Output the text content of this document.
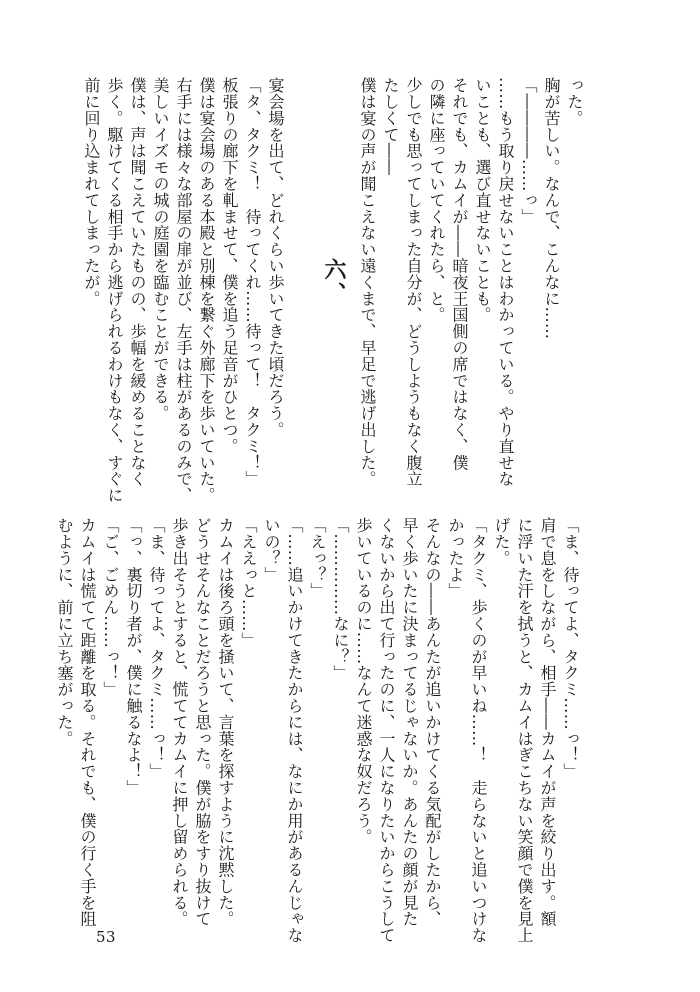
った。

胸が苦しい。なんで、こんなに……

「――――……っ」

……もう取り戻せないことはわかっている。やり直せな

いことも、選び直せないことも。

それでも、カムイが――暗夜王国側の席ではなく、僕

の隣に座っていてくれたら、と。

少しでも思ってしまった自分が、どうしようもなく腹立

たしくて――

僕は宴の声が聞こえない遠くまで、早足で逃げ出した。

宴会場を出て、どれくらい歩いてきた頃だろう。

「タ、タクミ！　待ってくれ……待って！　タクミ！」

板張りの廊下を軋ませて、僕を追う足音がひとつ。

僕は宴会場のある本殿と別棟を繋ぐ外廊下を歩いていた。

右手には様々な部屋の扉が並び、左手は柱があるのみで、

美しいイズモの城の庭園を臨むことができる。

僕は、声は聞こえていたものの、歩幅を緩めることなく

歩く。駆けてくる相手から逃げられるわけもなく、すぐに

前に回り込まれてしまったが。	六、

「ま、待ってよ、タクミ……っ！」

肩で息をしながら、相手――カムイが声を絞り出す。額

に浮いた汗を拭うと、カムイはぎこちない笑顔で僕を見上

げた。

「タクミ、歩くのが早いね……！　走らないと追いつけな

かったよ」

そんなの――あんたが追いかけてくる気配がしたから、

早く歩いたに決まってるじゃないか。あんたの顔が見た

くないから出て行ったのに、一人になりたいからこうして

歩いているのに……なんて迷惑な奴だろう。

「……………なに？」

「えっ？」

「……追いかけてきたからには、なにか用があるんじゃな

いの？」

「ええっと……」

カムイは後ろ頭を掻いて、言葉を探すように沈黙した。

どうせそんなことだろうと思った。僕が脇をすり抜けて

歩き出そうとすると、慌ててカムイに押し留められる。

「ま、待ってよ、タクミ……っ！」

「っ、裏切り者が、僕に触るなよ！」

「ご、ごめん……っ！」

カムイは慌てて距離を取る。それでも、僕の行く手を阻

むように、前に立ち塞がった。

53
